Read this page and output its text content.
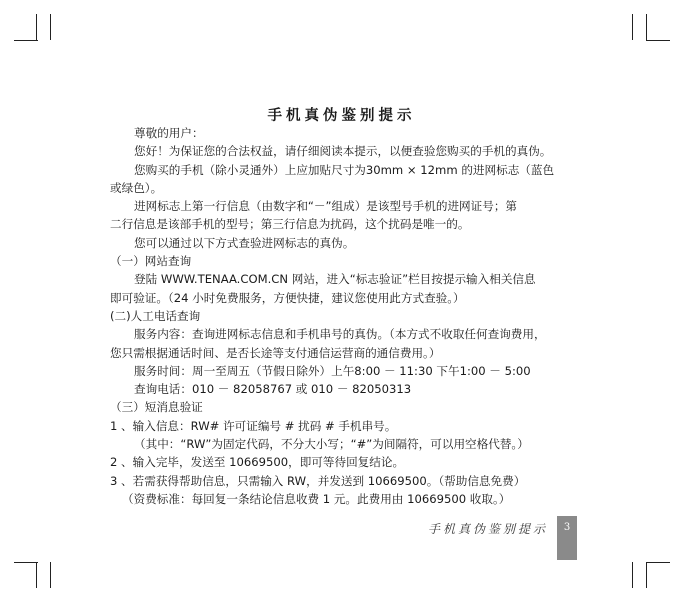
手机真伪鉴别提示
尊敬的用户：
您好！为保证您的合法权益，请仔细阅读本提示，以便查验您购买的手机的真伪。
您购买的手机（除小灵通外）上应加贴尺寸为30mm × 12mm 的进网标志（蓝色
或绿色）。
进网标志上第一行信息（由数字和“－”组成）是该型号手机的进网证号；第
二行信息是该部手机的型号；第三行信息为扰码，这个扰码是唯一的。
您可以通过以下方式查验进网标志的真伪。
（一）网站查询
登陆 WWW.TENAA.COM.CN 网站，进入“标志验证”栏目按提示输入相关信息
即可验证。（24 小时免费服务，方便快捷，建议您使用此方式查验。）
(二)人工电话查询
服务内容：查询进网标志信息和手机串号的真伪。（本方式不收取任何查询费用，
您只需根据通话时间、是否长途等支付通信运营商的通信费用。）
服务时间：周一至周五（节假日除外）上午8:00 － 11:30 下午1:00 － 5:00
查询电话：010 － 82058767 或 010 － 82050313
（三）短消息验证
1 、输入信息：RW# 许可证编号 # 扰码 # 手机串号。
（其中：“RW”为固定代码，不分大小写；“#”为间隔符，可以用空格代替。）
2 、输入完毕，发送至 10669500，即可等待回复结论。
3 、若需获得帮助信息，只需输入 RW，并发送到 10669500。（帮助信息免费）
（资费标准：每回复一条结论信息收费 1 元。此费用由 10669500 收取。）
手机真伪鉴别提示	3
